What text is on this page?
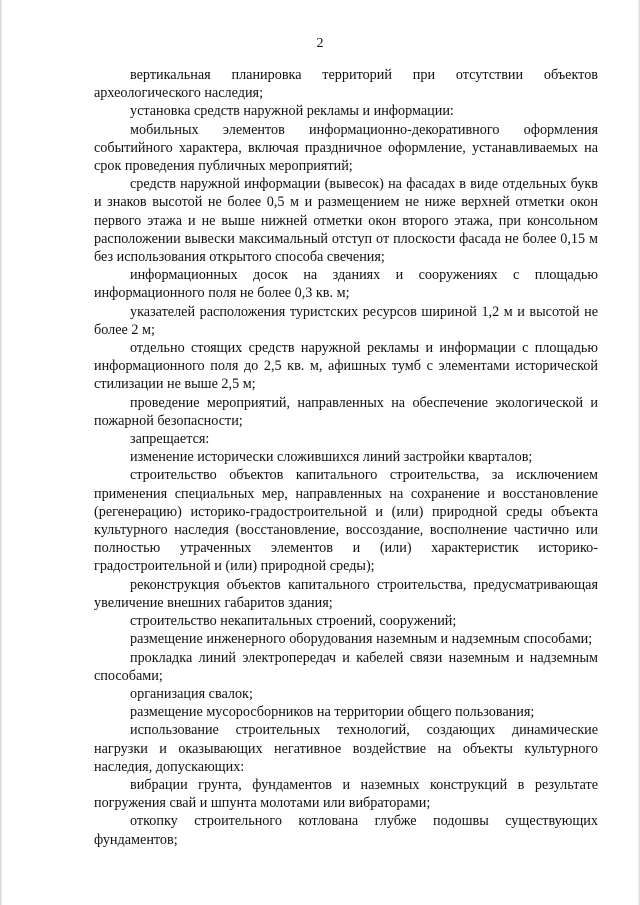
2

вертикальная планировка территорий при отсутствии объектов археологического наследия;

установка средств наружной рекламы и информации:

мобильных элементов информационно-декоративного оформления событийного характера, включая праздничное оформление, устанавливаемых на срок проведения публичных мероприятий;

средств наружной информации (вывесок) на фасадах в виде отдельных букв и знаков высотой не более 0,5 м и размещением не ниже верхней отметки окон первого этажа и не выше нижней отметки окон второго этажа, при консольном расположении вывески максимальный отступ от плоскости фасада не более 0,15 м без использования открытого способа свечения;

информационных досок на зданиях и сооружениях с площадью информационного поля не более 0,3 кв. м;

указателей расположения туристских ресурсов шириной 1,2 м и высотой не более 2 м;

отдельно стоящих средств наружной рекламы и информации с площадью информационного поля до 2,5 кв. м, афишных тумб с элементами исторической стилизации не выше 2,5 м;

проведение мероприятий, направленных на обеспечение экологической и пожарной безопасности;

запрещается:

изменение исторически сложившихся линий застройки кварталов;

строительство объектов капитального строительства, за исключением применения специальных мер, направленных на сохранение и восстановление (регенерацию) историко-градостроительной и (или) природной среды объекта культурного наследия (восстановление, воссоздание, восполнение частично или полностью утраченных элементов и (или) характеристик историко-градостроительной и (или) природной среды);

реконструкция объектов капитального строительства, предусматривающая увеличение внешних габаритов здания;

строительство некапитальных строений, сооружений;

размещение инженерного оборудования наземным и надземным способами;

прокладка линий электропередач и кабелей связи наземным и надземным способами;

организация свалок;

размещение мусоросборников на территории общего пользования;

использование строительных технологий, создающих динамические нагрузки и оказывающих негативное воздействие на объекты культурного наследия, допускающих:

вибрации грунта, фундаментов и наземных конструкций в результате погружения свай и шпунта молотами или вибраторами;

откопку строительного котлована глубже подошвы существующих фундаментов;
